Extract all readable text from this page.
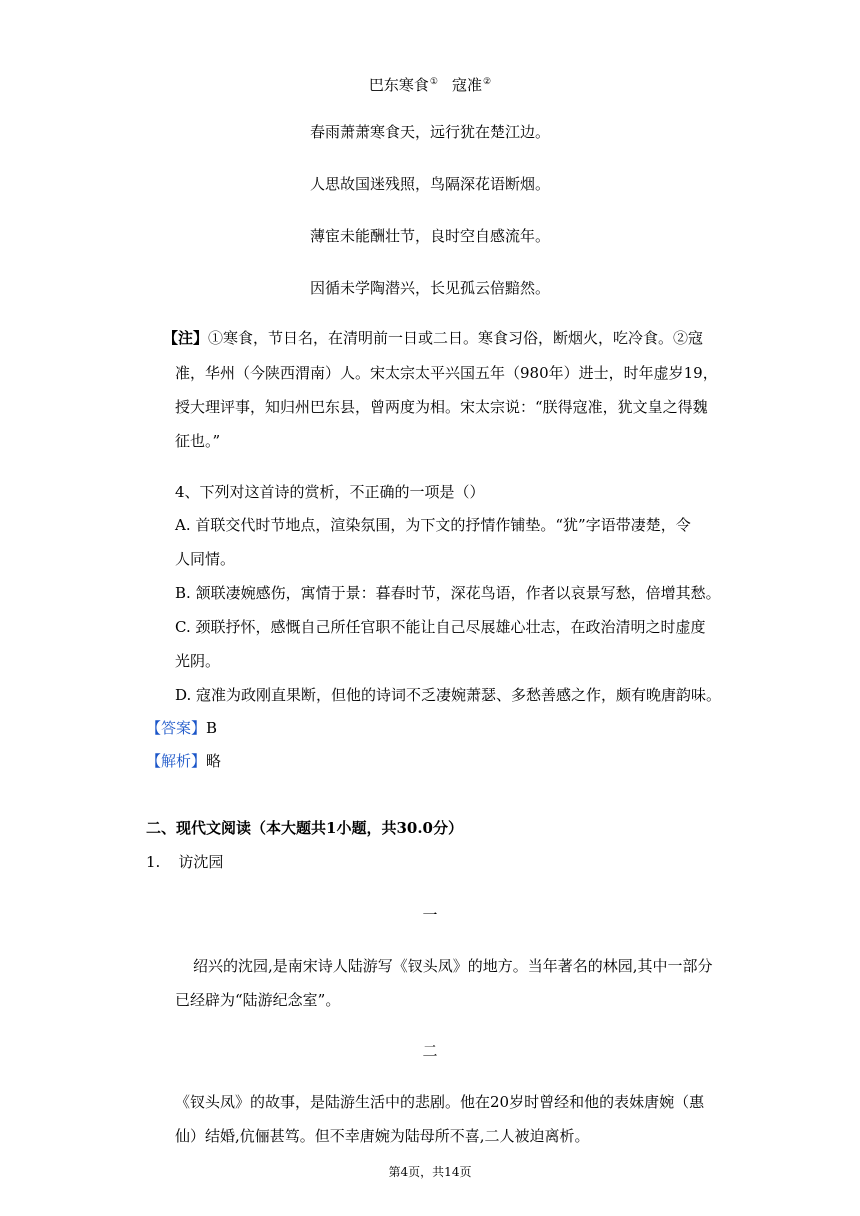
巴东寒食① 寇准②
春雨萧萧寒食天，远行犹在楚江边。
人思故国迷残照，鸟隔深花语断烟。
薄宦未能酬壮节，良时空自感流年。
因循未学陶潜兴，长见孤云倍黯然。
【注】①寒食，节日名，在清明前一日或二日。寒食习俗，断烟火，吃冷食。②寇
准，华州（今陕西渭南）人。宋太宗太平兴国五年（980年）进士，时年虚岁19，
授大理评事，知归州巴东县，曾两度为相。宋太宗说：“朕得寇准，犹文皇之得魏
征也。”
4、下列对这首诗的赏析，不正确的一项是（）
A. 首联交代时节地点，渲染氛围，为下文的抒情作铺垫。“犹”字语带凄楚，令
人同情。
B. 颔联凄婉感伤，寓情于景：暮春时节，深花鸟语，作者以哀景写愁，倍增其愁。
C. 颈联抒怀，感慨自己所任官职不能让自己尽展雄心壮志，在政治清明之时虚度
光阴。
D. 寇准为政刚直果断，但他的诗词不乏凄婉萧瑟、多愁善感之作，颇有晚唐韵味。
【答案】B
【解析】略
二、现代文阅读（本大题共1小题，共30.0分）
1. 访沈园
一
绍兴的沈园,是南宋诗人陆游写《钗头凤》的地方。当年著名的林园,其中一部分
已经辟为“陆游纪念室”。
二
《钗头凤》的故事，是陆游生活中的悲剧。他在20岁时曾经和他的表妹唐婉（惠
仙）结婚,伉俪甚笃。但不幸唐婉为陆母所不喜,二人被迫离析。
第4页，共14页
